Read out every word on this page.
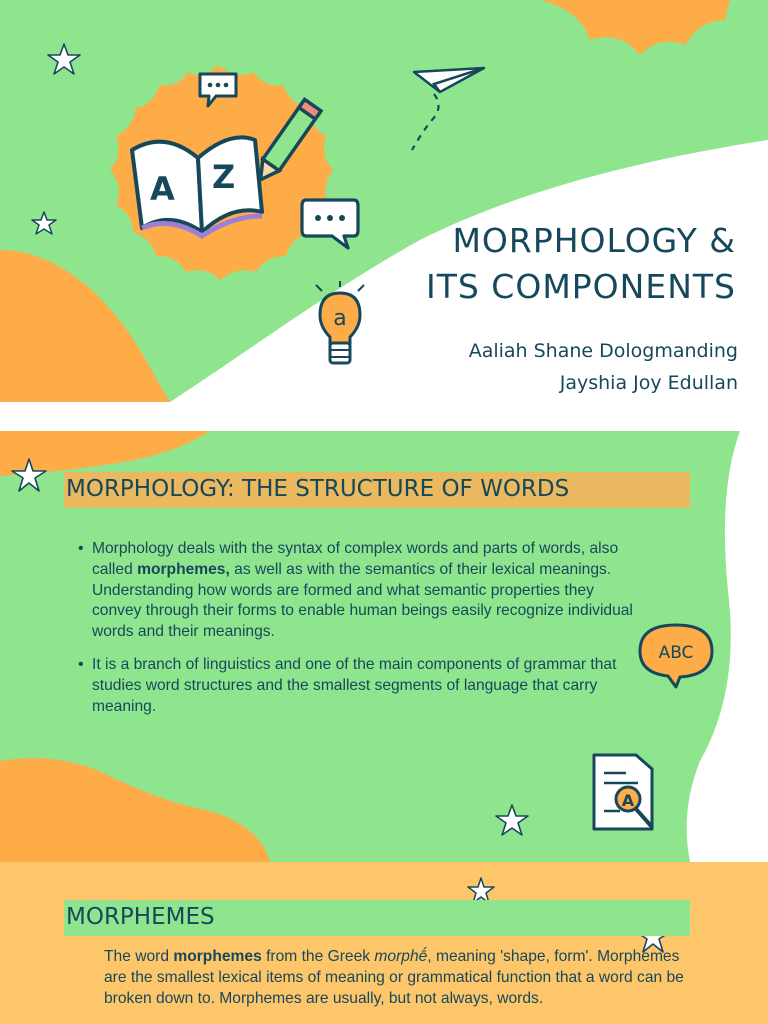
A Z
a
MORPHOLOGY &
ITS COMPONENTS
Aaliah Shane Dologmanding
Jayshia Joy Edullan
MORPHOLOGY: THE STRUCTURE OF WORDS
• Morphology deals with the syntax of complex words and parts of words, also called morphemes, as well as with the semantics of their lexical meanings. Understanding how words are formed and what semantic properties they convey through their forms to enable human beings easily recognize individual words and their meanings.
• It is a branch of linguistics and one of the main components of grammar that studies word structures and the smallest segments of language that carry meaning.
ABC
A
MORPHEMES

The word morphemes from the Greek morphḗ, meaning 'shape, form'. Morphemes are the smallest lexical items of meaning or grammatical function that a word can be broken down to. Morphemes are usually, but not always, words.
